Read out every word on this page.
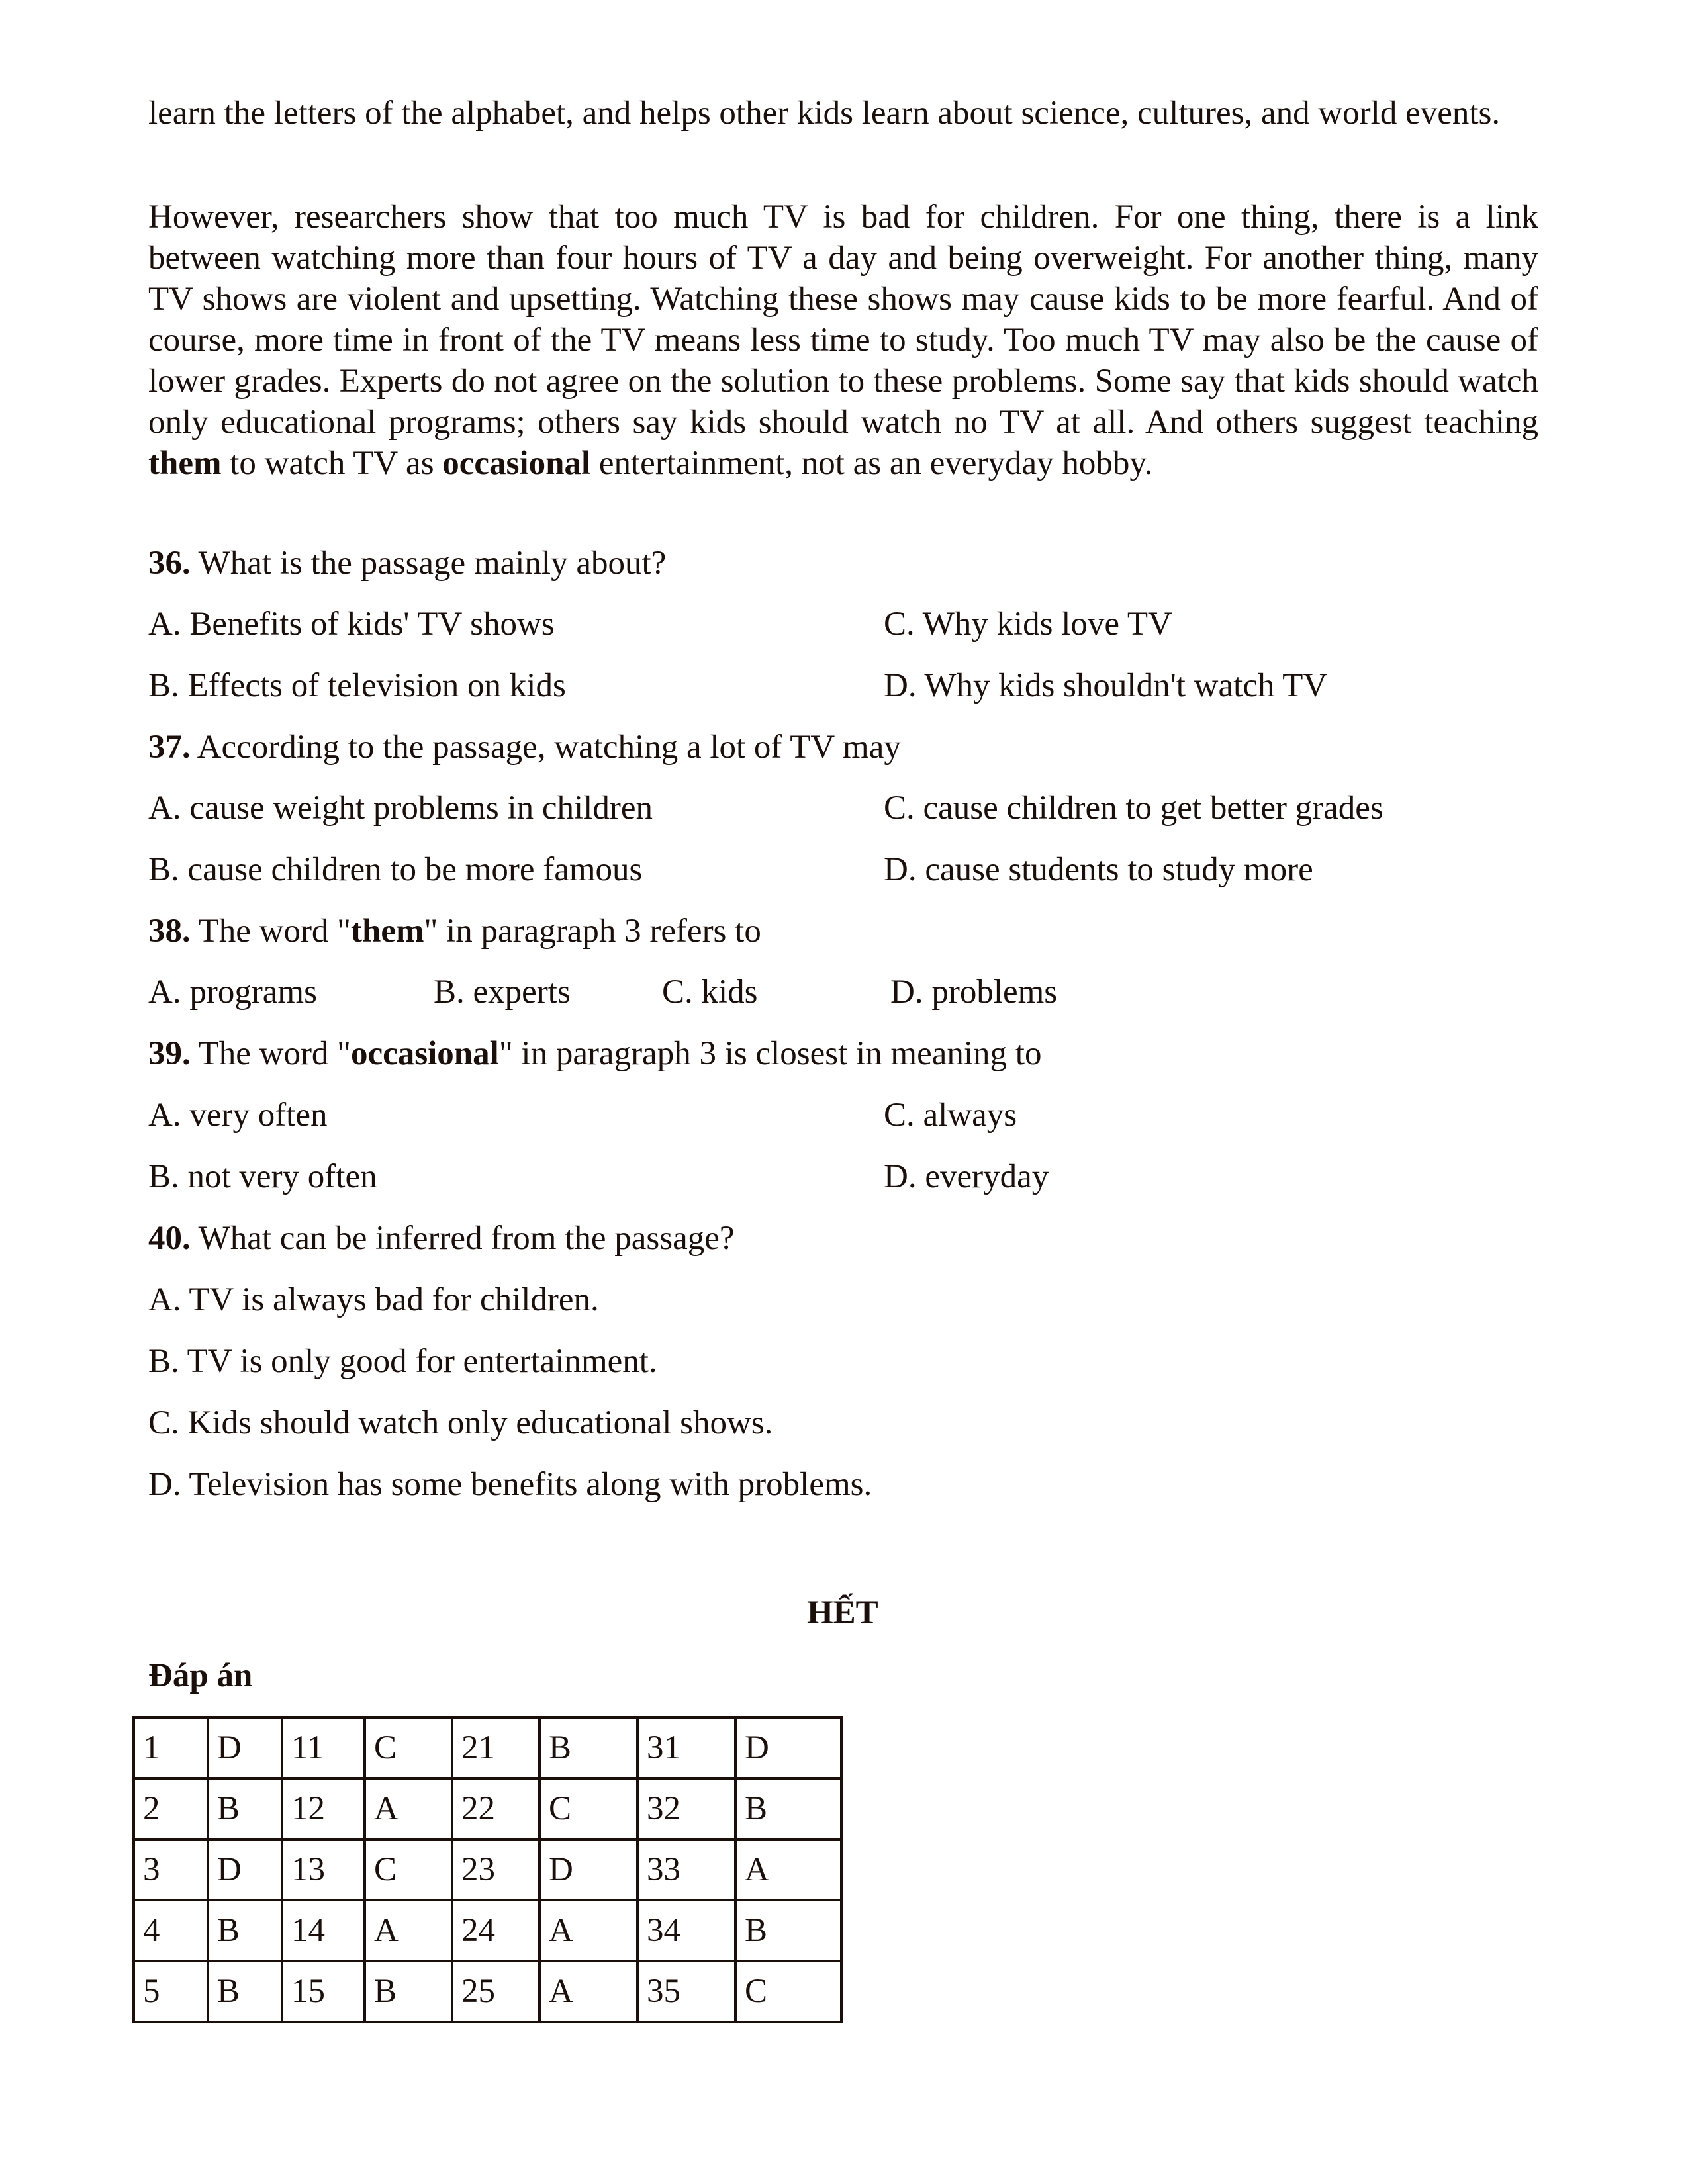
learn the letters of the alphabet, and helps other kids learn about science, cultures, and world events.

However, researchers show that too much TV is bad for children. For one thing, there is a link between watching more than four hours of TV a day and being overweight. For another thing, many TV shows are violent and upsetting. Watching these shows may cause kids to be more fearful. And of course, more time in front of the TV means less time to study. Too much TV may also be the cause of lower grades. Experts do not agree on the solution to these problems. Some say that kids should watch only educational programs; others say kids should watch no TV at all. And others suggest teaching them to watch TV as occasional entertainment, not as an everyday hobby.

36. What is the passage mainly about?
A. Benefits of kids' TV shows	C. Why kids love TV
B. Effects of television on kids	D. Why kids shouldn't watch TV
37. According to the passage, watching a lot of TV may
A. cause weight problems in children	C. cause children to get better grades
B. cause children to be more famous	D. cause students to study more
38. The word "them" in paragraph 3 refers to
A. programs	B. experts	C. kids	D. problems
39. The word "occasional" in paragraph 3 is closest in meaning to
A. very often	C. always
B. not very often	D. everyday
40. What can be inferred from the passage?
A. TV is always bad for children.
B. TV is only good for entertainment.
C. Kids should watch only educational shows.
D. Television has some benefits along with problems.
HẾT
Đáp án
1	D	11	C	21	B	31	D
2	B	12	A	22	C	32	B
3	D	13	C	23	D	33	A
4	B	14	A	24	A	34	B
5	B	15	B	25	A	35	C
